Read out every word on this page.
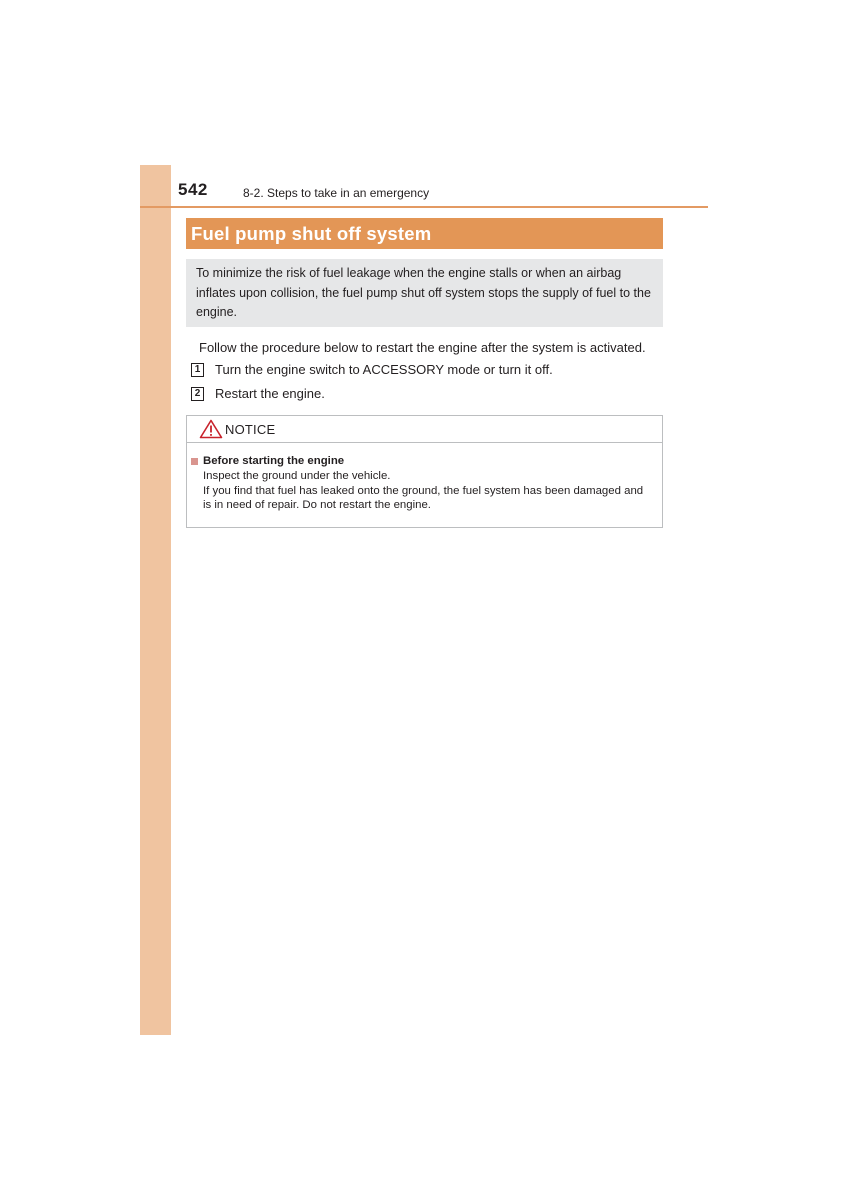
542	8-2. Steps to take in an emergency
Fuel pump shut off system
To minimize the risk of fuel leakage when the engine stalls or when an airbag inflates upon collision, the fuel pump shut off system stops the supply of fuel to the engine.
Follow the procedure below to restart the engine after the system is activated.
1 Turn the engine switch to ACCESSORY mode or turn it off.
2 Restart the engine.
NOTICE
Before starting the engine
Inspect the ground under the vehicle.
If you find that fuel has leaked onto the ground, the fuel system has been damaged and is in need of repair. Do not restart the engine.
